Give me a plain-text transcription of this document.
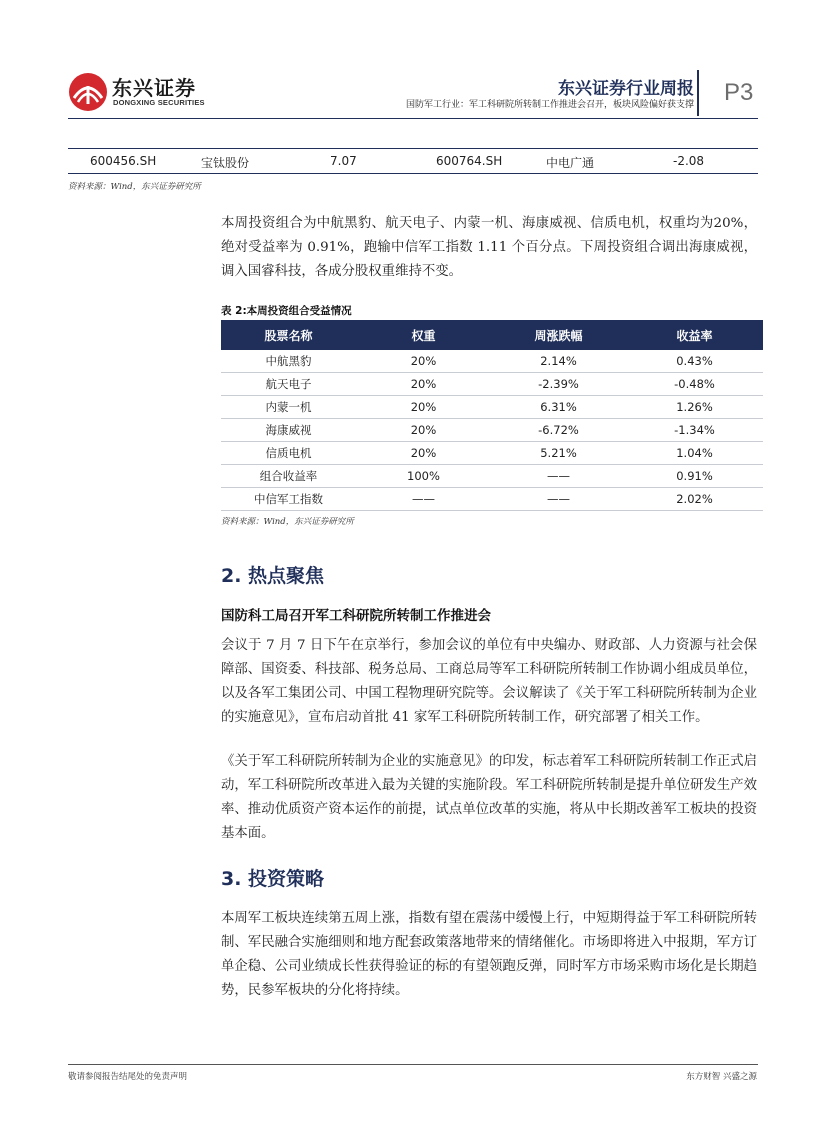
东兴证券
DONGXING SECURITIES
东兴证券行业周报
国防军工行业：军工科研院所转制工作推进会召开，板块风险偏好获支撑 P3
600456.SH	宝钛股份	7.07	600764.SH	中电广通	-2.08
资料来源：Wind，东兴证券研究所

本周投资组合为中航黑豹、航天电子、内蒙一机、海康威视、信质电机，权重均为20%，绝对受益率为 0.91%，跑输中信军工指数 1.11 个百分点。下周投资组合调出海康威视，调入国睿科技，各成分股权重维持不变。

表 2:本周投资组合受益情况
股票名称	权重	周涨跌幅	收益率
中航黑豹	20%	2.14%	0.43%
航天电子	20%	-2.39%	-0.48%
内蒙一机	20%	6.31%	1.26%
海康威视	20%	-6.72%	-1.34%
信质电机	20%	5.21%	1.04%
组合收益率	100%	——	0.91%
中信军工指数	——	——	2.02%
资料来源：Wind，东兴证券研究所
2. 热点聚焦
国防科工局召开军工科研院所转制工作推进会

会议于 7 月 7 日下午在京举行，参加会议的单位有中央编办、财政部、人力资源与社会保障部、国资委、科技部、税务总局、工商总局等军工科研院所转制工作协调小组成员单位，以及各军工集团公司、中国工程物理研究院等。会议解读了《关于军工科研院所转制为企业的实施意见》，宣布启动首批 41 家军工科研院所转制工作，研究部署了相关工作。

《关于军工科研院所转制为企业的实施意见》的印发，标志着军工科研院所转制工作正式启动，军工科研院所改革进入最为关键的实施阶段。军工科研院所转制是提升单位研发生产效率、推动优质资产资本运作的前提，试点单位改革的实施，将从中长期改善军工板块的投资基本面。

3. 投资策略

本周军工板块连续第五周上涨，指数有望在震荡中缓慢上行，中短期得益于军工科研院所转制、军民融合实施细则和地方配套政策落地带来的情绪催化。市场即将进入中报期，军方订单企稳、公司业绩成长性获得验证的标的有望领跑反弹，同时军方市场采购市场化是长期趋势，民参军板块的分化将持续。

敬请参阅报告结尾处的免责声明	东方财智 兴盛之源
